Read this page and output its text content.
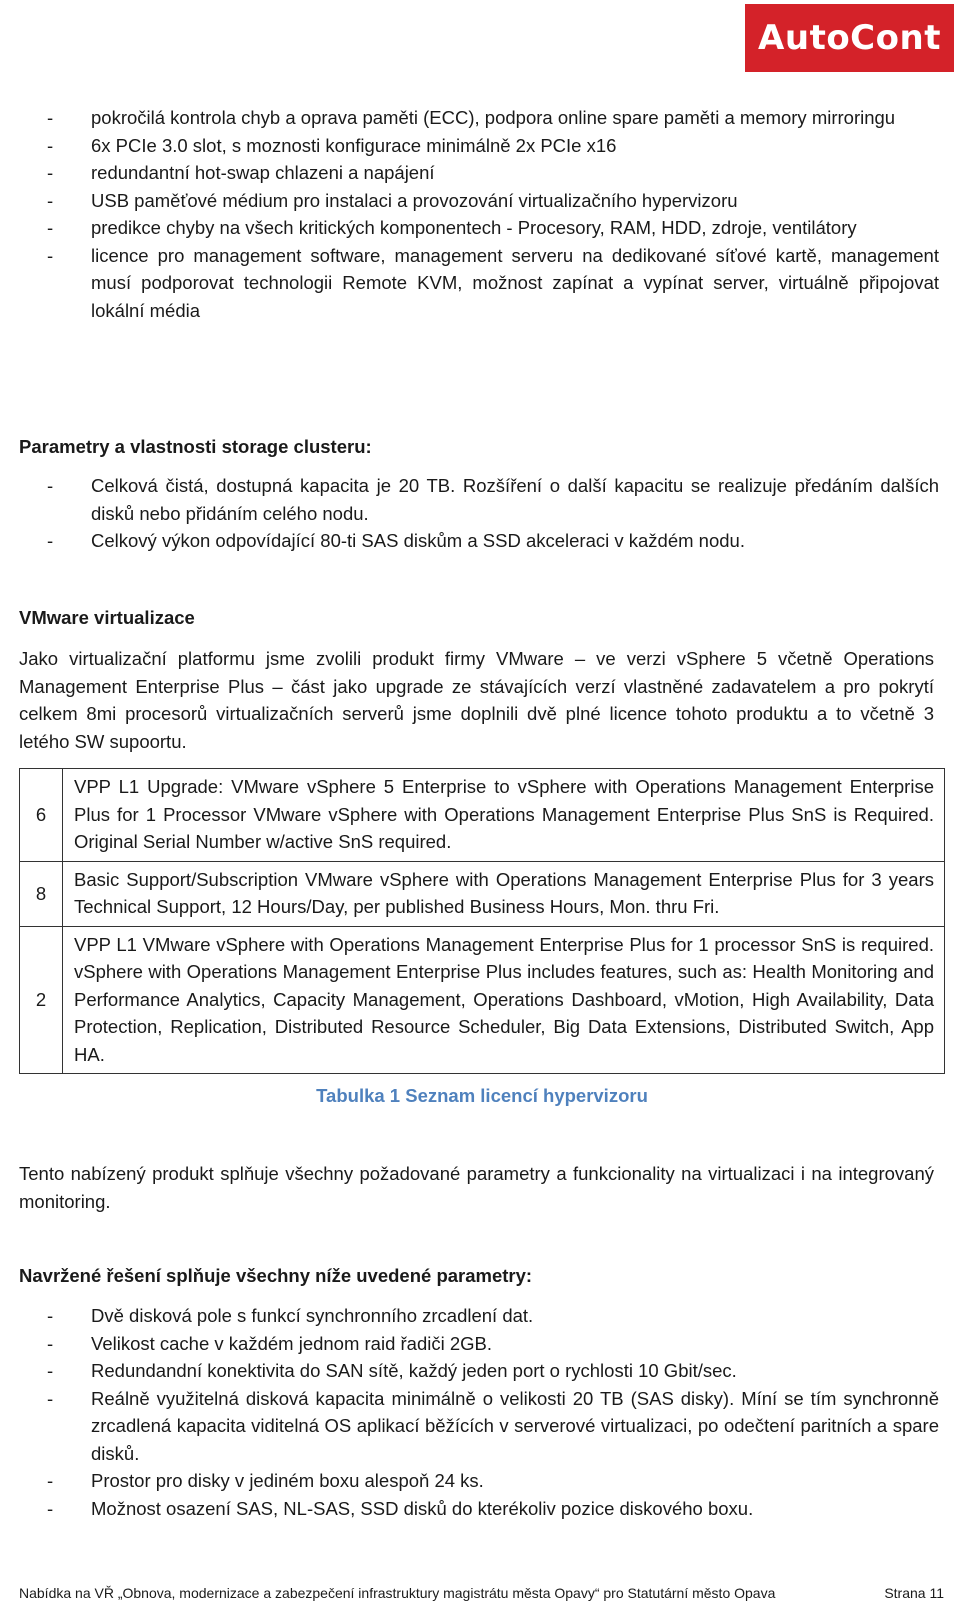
AutoCont
- pokročilá kontrola chyb a oprava paměti (ECC), podpora online spare paměti a memory mirroringu
- 6x PCIe 3.0 slot, s moznosti konfigurace minimálně 2x PCIe x16
- redundantní hot-swap chlazeni a napájení
- USB paměťové médium pro instalaci a provozování virtualizačního hypervizoru
- predikce chyby na všech kritických komponentech - Procesory, RAM, HDD, zdroje, ventilátory
- licence pro management software, management serveru na dedikované síťové kartě, management musí podporovat technologii Remote KVM, možnost zapínat a vypínat server, virtuálně připojovat lokální média
Parametry a vlastnosti storage clusteru:
- Celková čistá, dostupná kapacita je 20 TB. Rozšíření o další kapacitu se realizuje předáním dalších disků nebo přidáním celého nodu.
- Celkový výkon odpovídající 80-ti SAS diskům a SSD akceleraci v každém nodu.
VMware virtualizace

Jako virtualizační platformu jsme zvolili produkt firmy VMware – ve verzi vSphere 5 včetně Operations Management Enterprise Plus – část jako upgrade ze stávajících verzí vlastněné zadavatelem a pro pokrytí celkem 8mi procesorů virtualizačních serverů jsme doplnili dvě plné licence tohoto produktu a to včetně 3 letého SW supoortu.

6	VPP L1 Upgrade: VMware vSphere 5 Enterprise to vSphere with Operations Management Enterprise Plus for 1 Processor VMware vSphere with Operations Management Enterprise Plus SnS is Required. Original Serial Number w/active SnS required.
8	Basic Support/Subscription VMware vSphere with Operations Management Enterprise Plus for 3 years Technical Support, 12 Hours/Day, per published Business Hours, Mon. thru Fri.
2	VPP L1 VMware vSphere with Operations Management Enterprise Plus for 1 processor SnS is required. vSphere with Operations Management Enterprise Plus includes features, such as: Health Monitoring and Performance Analytics, Capacity Management, Operations Dashboard, vMotion, High Availability, Data Protection, Replication, Distributed Resource Scheduler, Big Data Extensions, Distributed Switch, App HA.
Tabulka 1 Seznam licencí hypervizoru

Tento nabízený produkt splňuje všechny požadované parametry a funkcionality na virtualizaci i na integrovaný monitoring.

Navržené řešení splňuje všechny níže uvedené parametry:
- Dvě disková pole s funkcí synchronního zrcadlení dat.
- Velikost cache v každém jednom raid řadiči 2GB.
- Redundandní konektivita do SAN sítě, každý jeden port o rychlosti 10 Gbit/sec.
- Reálně využitelná disková kapacita minimálně o velikosti 20 TB (SAS disky). Míní se tím synchronně zrcadlená kapacita viditelná OS aplikací běžících v serverové virtualizaci, po odečtení paritních a spare disků.
- Prostor pro disky v jediném boxu alespoň 24 ks.
- Možnost osazení SAS, NL-SAS, SSD disků do kterékoliv pozice diskového boxu.
Nabídka na VŘ „Obnova, modernizace a zabezpečení infrastruktury magistrátu města Opavy“ pro Statutární město Opava	Strana 11
